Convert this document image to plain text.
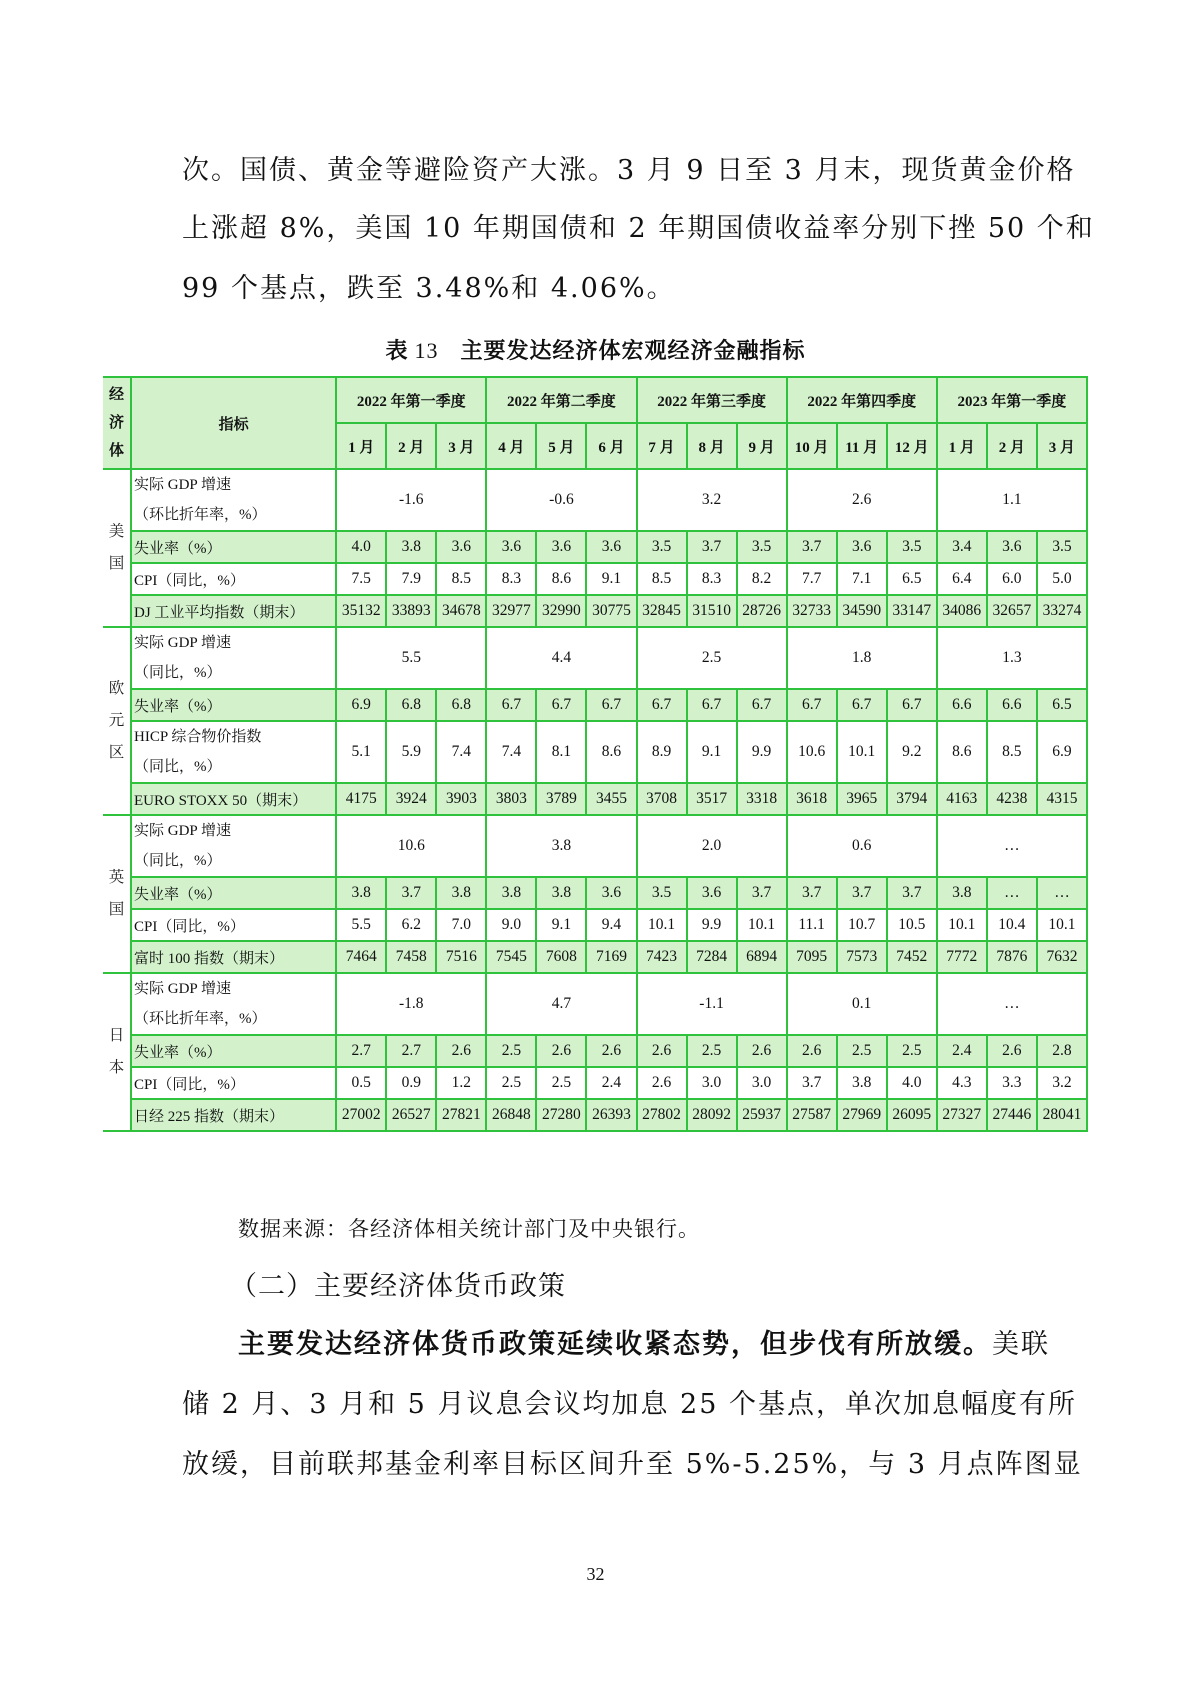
次。国债、黄金等避险资产大涨。3 月 9 日至 3 月末，现货黄金价格

上涨超 8%，美国 10 年期国债和 2 年期国债收益率分别下挫 50 个和

99 个基点，跌至 3.48%和 4.06%。

表 13 主要发达经济体宏观经济金融指标
经
济
体	指标	2022 年第一季度			2022 年第二季度			2022 年第三季度			2022 年第四季度			2023 年第一季度		
		1 月	2 月	3 月	4 月	5 月	6 月	7 月	8 月	9 月	10 月	11 月	12 月	1 月	2 月	3 月
美
国	实际 GDP 增速
（环比折年率，%）	-1.6			-0.6			3.2			2.6			1.1		
	失业率（%）	4.0	3.8	3.6	3.6	3.6	3.6	3.5	3.7	3.5	3.7	3.6	3.5	3.4	3.6	3.5
	CPI（同比，%）	7.5	7.9	8.5	8.3	8.6	9.1	8.5	8.3	8.2	7.7	7.1	6.5	6.4	6.0	5.0
	DJ 工业平均指数（期末）	35132	33893	34678	32977	32990	30775	32845	31510	28726	32733	34590	33147	34086	32657	33274
欧
元
区	实际 GDP 增速
（同比，%）	5.5			4.4			2.5			1.8			1.3		
	失业率（%）	6.9	6.8	6.8	6.7	6.7	6.7	6.7	6.7	6.7	6.7	6.7	6.7	6.6	6.6	6.5
	HICP 综合物价指数
（同比，%）	5.1	5.9	7.4	7.4	8.1	8.6	8.9	9.1	9.9	10.6	10.1	9.2	8.6	8.5	6.9
	EURO STOXX 50（期末）	4175	3924	3903	3803	3789	3455	3708	3517	3318	3618	3965	3794	4163	4238	4315
英
国	实际 GDP 增速
（同比，%）	10.6			3.8			2.0			0.6			…		
	失业率（%）	3.8	3.7	3.8	3.8	3.8	3.6	3.5	3.6	3.7	3.7	3.7	3.7	3.8	…	…
	CPI（同比，%）	5.5	6.2	7.0	9.0	9.1	9.4	10.1	9.9	10.1	11.1	10.7	10.5	10.1	10.4	10.1
	富时 100 指数（期末）	7464	7458	7516	7545	7608	7169	7423	7284	6894	7095	7573	7452	7772	7876	7632
日
本	实际 GDP 增速
（环比折年率，%）	-1.8			4.7			-1.1			0.1			…		
	失业率（%）	2.7	2.7	2.6	2.5	2.6	2.6	2.6	2.5	2.6	2.6	2.5	2.5	2.4	2.6	2.8
	CPI（同比，%）	0.5	0.9	1.2	2.5	2.5	2.4	2.6	3.0	3.0	3.7	3.8	4.0	4.3	3.3	3.2
	日经 225 指数（期末）	27002	26527	27821	26848	27280	26393	27802	28092	25937	27587	27969	26095	27327	27446	28041
数据来源：各经济体相关统计部门及中央银行。
（二）主要经济体货币政策

主要发达经济体货币政策延续收紧态势，但步伐有所放缓。美联

储 2 月、3 月和 5 月议息会议均加息 25 个基点，单次加息幅度有所

放缓，目前联邦基金利率目标区间升至 5%-5.25%，与 3 月点阵图显

32
